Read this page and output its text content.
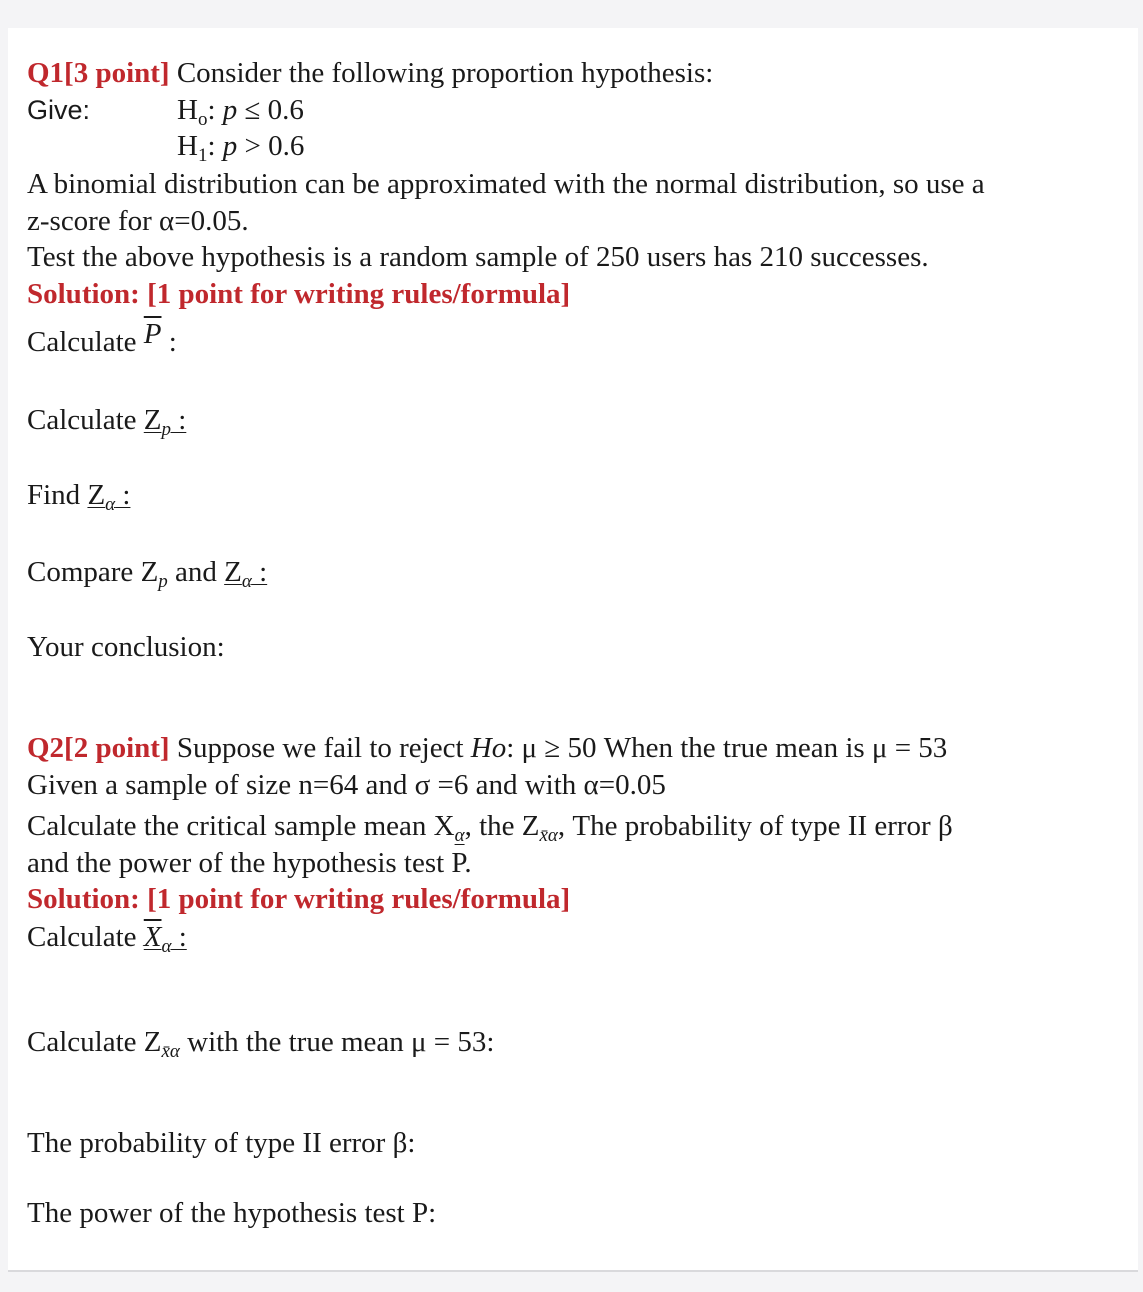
Q1[3 point] Consider the following proportion hypothesis:
Give:	$H_o$: p ≤ 0.6
$H_1$: p > 0.6
A binomial distribution can be approximated with the normal distribution, so use a
z-score for α=0.05.
Test the above hypothesis is a random sample of 250 users has 210 successes.
Solution: [1 point for writing rules/formula]
Calculate $\overline{P}$ :
Calculate $Z_p$ :
Find $Z_\alpha$ :
Compare $Z_p$ and $Z_\alpha$ :
Your conclusion:
Q2[2 point] Suppose we fail to reject Ho: μ ≥ 50 When the true mean is μ = 53
Given a sample of size n=64 and σ =6 and with α=0.05
Calculate the critical sample mean $X_\alpha$, the $Z_{x̄\alpha}$, The probability of type II error β
and the power of the hypothesis test P.
Solution: [1 point for writing rules/formula]
Calculate $X_\alpha$ :
Calculate $Z_{x̄\alpha}$ with the true mean μ = 53:
The probability of type II error β:
The power of the hypothesis test P:
